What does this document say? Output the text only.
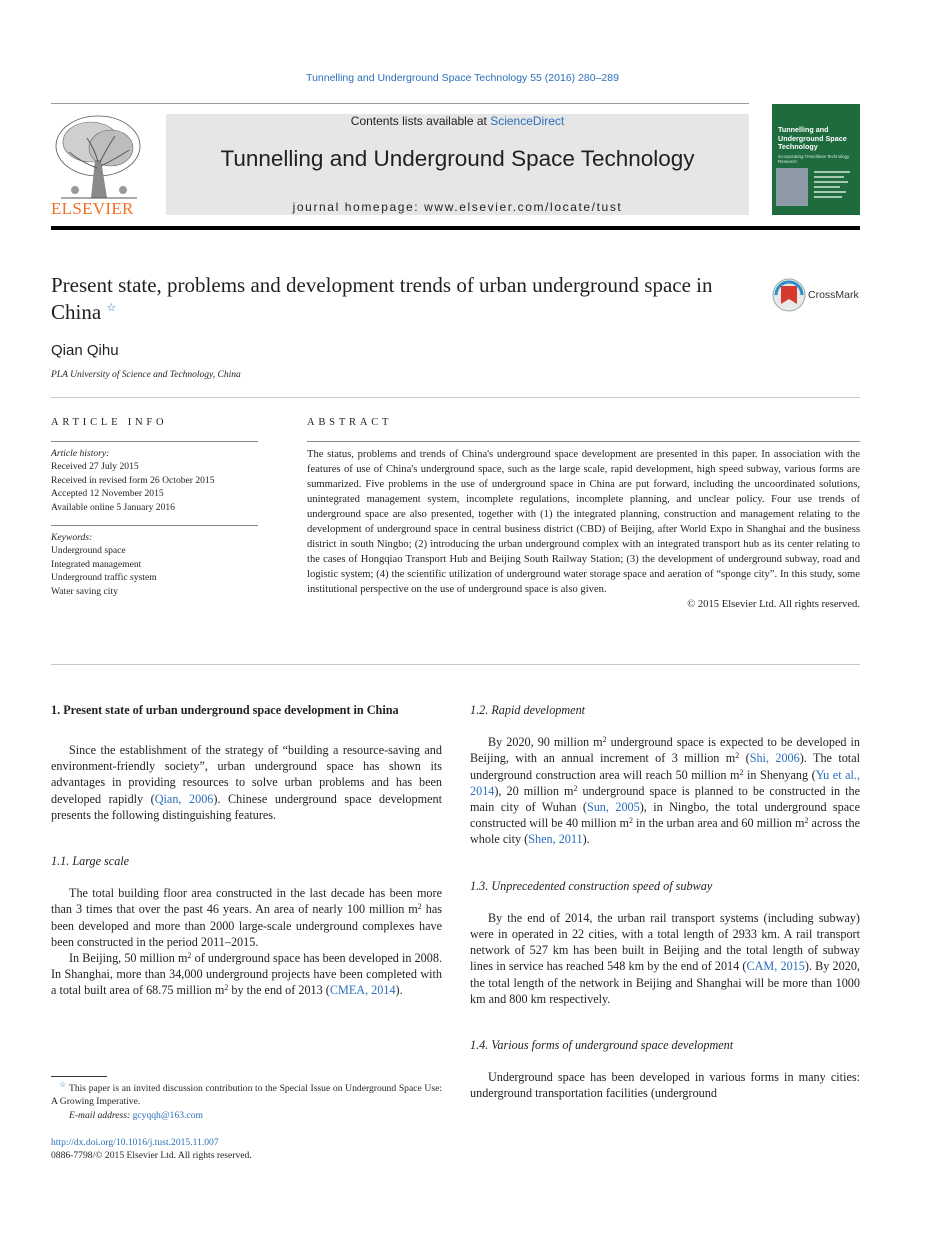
Tunnelling and Underground Space Technology 55 (2016) 280–289
ELSEVIER
Contents lists available at ScienceDirect
Tunnelling and Underground Space Technology
journal homepage: www.elsevier.com/locate/tust
Tunnelling and Underground Space Technology
incorporating Trenchless Technology Research
Present state, problems and development trends of urban underground space in China ☆
CrossMark
Qian Qihu
PLA University of Science and Technology, China
ARTICLE INFO
Article history:
Received 27 July 2015
Received in revised form 26 October 2015
Accepted 12 November 2015
Available online 5 January 2016
Keywords:
Underground space
Integrated management
Underground traffic system
Water saving city
ABSTRACT

The status, problems and trends of China's underground space development are presented in this paper. In association with the features of use of China's underground space, such as the large scale, rapid development, high speed subway, various forms are summarized. Five problems in the use of underground space in China are put forward, including the uncoordinated solutions, unintegrated management system, incomplete regulations, incomplete planning, and unclear policy. Four use trends of underground space are also presented, together with (1) the integrated planning, construction and management relating to the development of underground space in central business district (CBD) of Beijing, after World Expo in Shanghai and the business district in south Ningbo; (2) introducing the urban underground complex with an integrated transport hub as its center relating to the cases of Hongqiao Transport Hub and Beijing South Railway Station; (3) the development of underground subway, road and logistic system; (4) the scientific utilization of underground water storage space and aeration of “sponge city”. In this study, some institutional perspective on the use of underground space is also given.

© 2015 Elsevier Ltd. All rights reserved.

1. Present state of urban underground space development in China

Since the establishment of the strategy of “building a resource-saving and environment-friendly society”, urban underground space has shown its advantages in providing resources to solve urban problems and has been developed rapidly (Qian, 2006). Chinese underground space development presents the following distinguishing features.

1.1. Large scale

The total building floor area constructed in the last decade has been more than 3 times that over the past 46 years. An area of nearly 100 million $m^2$ has been developed and more than 2000 large-scale underground complexes have been constructed in the period 2011–2015.

In Beijing, 50 million $m^2$ of underground space has been developed in 2008. In Shanghai, more than 34,000 underground projects have been completed with a total built area of 68.75 million $m^2$ by the end of 2013 (CMEA, 2014).

☆ This paper is an invited discussion contribution to the Special Issue on Underground Space Use: A Growing Imperative.
E-mail address: gcyqqh@163.com
http://dx.doi.org/10.1016/j.tust.2015.11.007
0886-7798/© 2015 Elsevier Ltd. All rights reserved.
1.2. Rapid development

By 2020, 90 million $m^2$ underground space is expected to be developed in Beijing, with an annual increment of 3 million $m^2$ (Shi, 2006). The total underground construction area will reach 50 million $m^2$ in Shenyang (Yu et al., 2014), 20 million $m^2$ underground space is planned to be constructed in the main city of Wuhan (Sun, 2005), in Ningbo, the total underground space constructed will be 40 million $m^2$ in the urban area and 60 million $m^2$ across the whole city (Shen, 2011).

1.3. Unprecedented construction speed of subway

By the end of 2014, the urban rail transport systems (including subway) were in operated in 22 cities, with a total length of 2933 km. A rail transport network of 527 km has been built in Beijing and the total length of subway lines in service has reached 548 km by the end of 2014 (CAM, 2015). By 2020, the total length of the network in Beijing and Shanghai will be more than 1000 km and 800 km respectively.

1.4. Various forms of underground space development

Underground space has been developed in various forms in many cities: underground transportation facilities (underground
